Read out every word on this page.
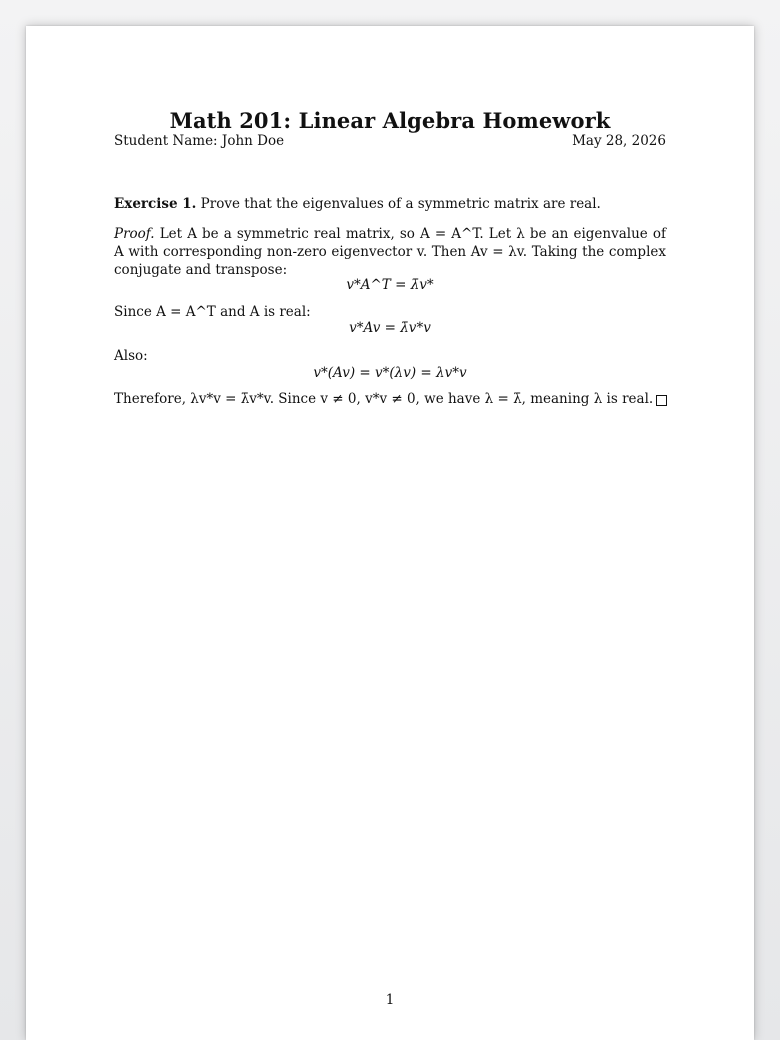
Math 201: Linear Algebra Homework
Student Name: John Doe	May 28, 2026
Exercise 1. Prove that the eigenvalues of a symmetric matrix are real.
Proof. Let A be a symmetric real matrix, so A = A^T. Let λ be an eigenvalue of A with corresponding non-zero eigenvector v. Then Av = λv. Taking the complex conjugate and transpose:
v*A^T = λ̄v*
Since A = A^T and A is real:
v*Av = λ̄v*v
Also:
v*(Av) = v*(λv) = λv*v
Therefore, λv*v = λ̄v*v. Since v ≠ 0, v*v ≠ 0, we have λ = λ̄, meaning λ is real.
1
